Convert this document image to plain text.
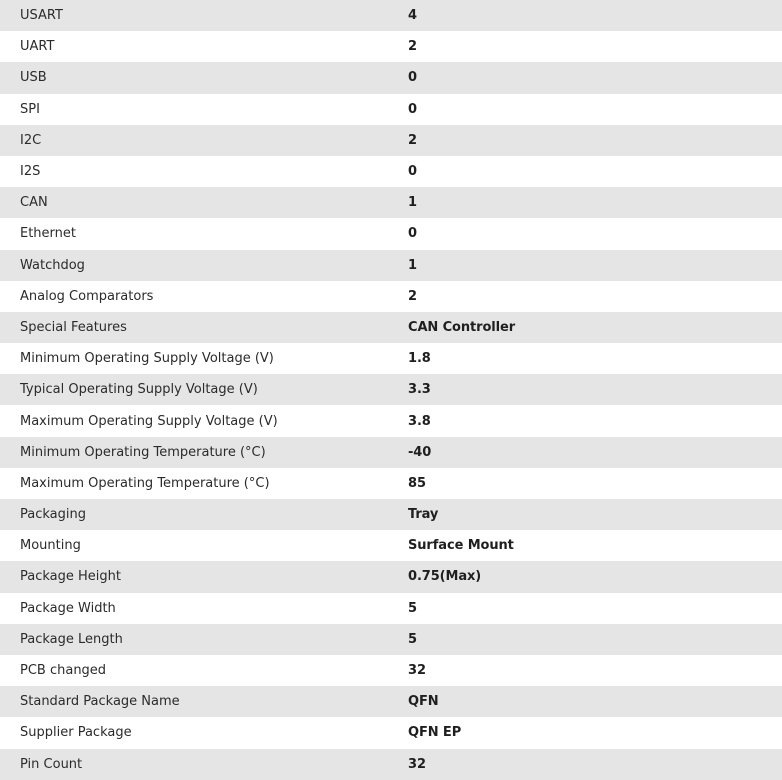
USART	4
UART	2
USB	0
SPI	0
I2C	2
I2S	0
CAN	1
Ethernet	0
Watchdog	1
Analog Comparators	2
Special Features	CAN Controller
Minimum Operating Supply Voltage (V)	1.8
Typical Operating Supply Voltage (V)	3.3
Maximum Operating Supply Voltage (V)	3.8
Minimum Operating Temperature (°C)	-40
Maximum Operating Temperature (°C)	85
Packaging	Tray
Mounting	Surface Mount
Package Height	0.75(Max)
Package Width	5
Package Length	5
PCB changed	32
Standard Package Name	QFN
Supplier Package	QFN EP
Pin Count	32
